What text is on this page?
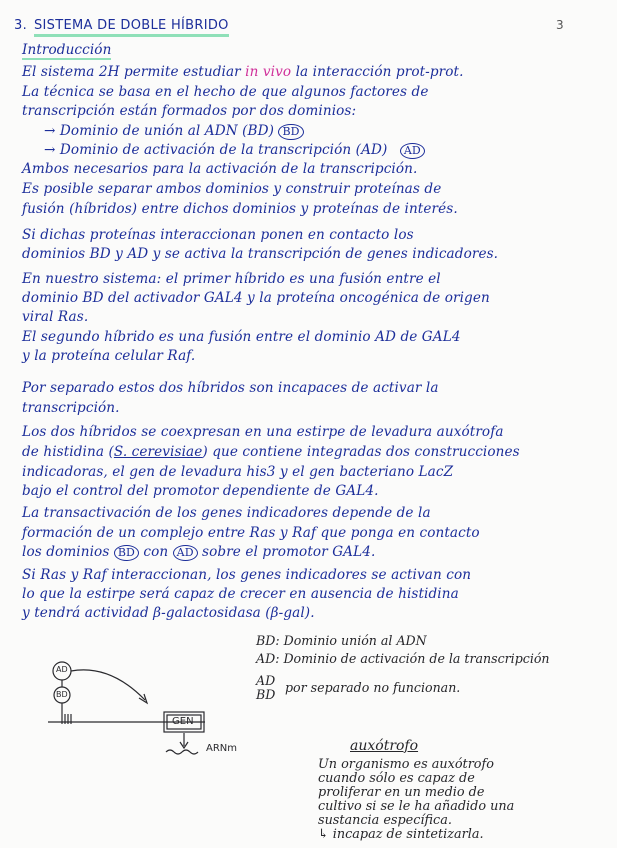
3. SISTEMA DE DOBLE HÍBRIDO	3
Introducción
El sistema 2H permite estudiar in vivo la interacción prot-prot.
La técnica se basa en el hecho de que algunos factores de
transcripción están formados por dos dominios:
→ Dominio de unión al ADN (BD) BD
→ Dominio de activación de la transcripción (AD) AD
Ambos necesarios para la activación de la transcripción.
Es posible separar ambos dominios y construir proteínas de
fusión (híbridos) entre dichos dominios y proteínas de interés.
Si dichas proteínas interaccionan ponen en contacto los
dominios BD y AD y se activa la transcripción de genes indicadores.
En nuestro sistema: el primer híbrido es una fusión entre el
dominio BD del activador GAL4 y la proteína oncogénica de origen
viral Ras.
El segundo híbrido es una fusión entre el dominio AD de GAL4
y la proteína celular Raf.
Por separado estos dos híbridos son incapaces de activar la
transcripción.
Los dos híbridos se coexpresan en una estirpe de levadura auxótrofa
de histidina (S. cerevisiae) que contiene integradas dos construcciones
indicadoras, el gen de levadura his3 y el gen bacteriano LacZ
bajo el control del promotor dependiente de GAL4.
La transactivación de los genes indicadores depende de la
formación de un complejo entre Ras y Raf que ponga en contacto
los dominios BD con AD sobre el promotor GAL4.
Si Ras y Raf interaccionan, los genes indicadores se activan con
lo que la estirpe será capaz de crecer en ausencia de histidina
y tendrá actividad β-galactosidasa (β-gal).
BD: Dominio unión al ADN
AD: Dominio de activación de la transcripción
AD
BD por separado no funcionan.
AD
BD
GEN
ARNm	auxótrofo
Un organismo es auxótrofo
cuando sólo es capaz de
proliferar en un medio de
cultivo si se le ha añadido una
sustancia específica.
↳ incapaz de sintetizarla.
